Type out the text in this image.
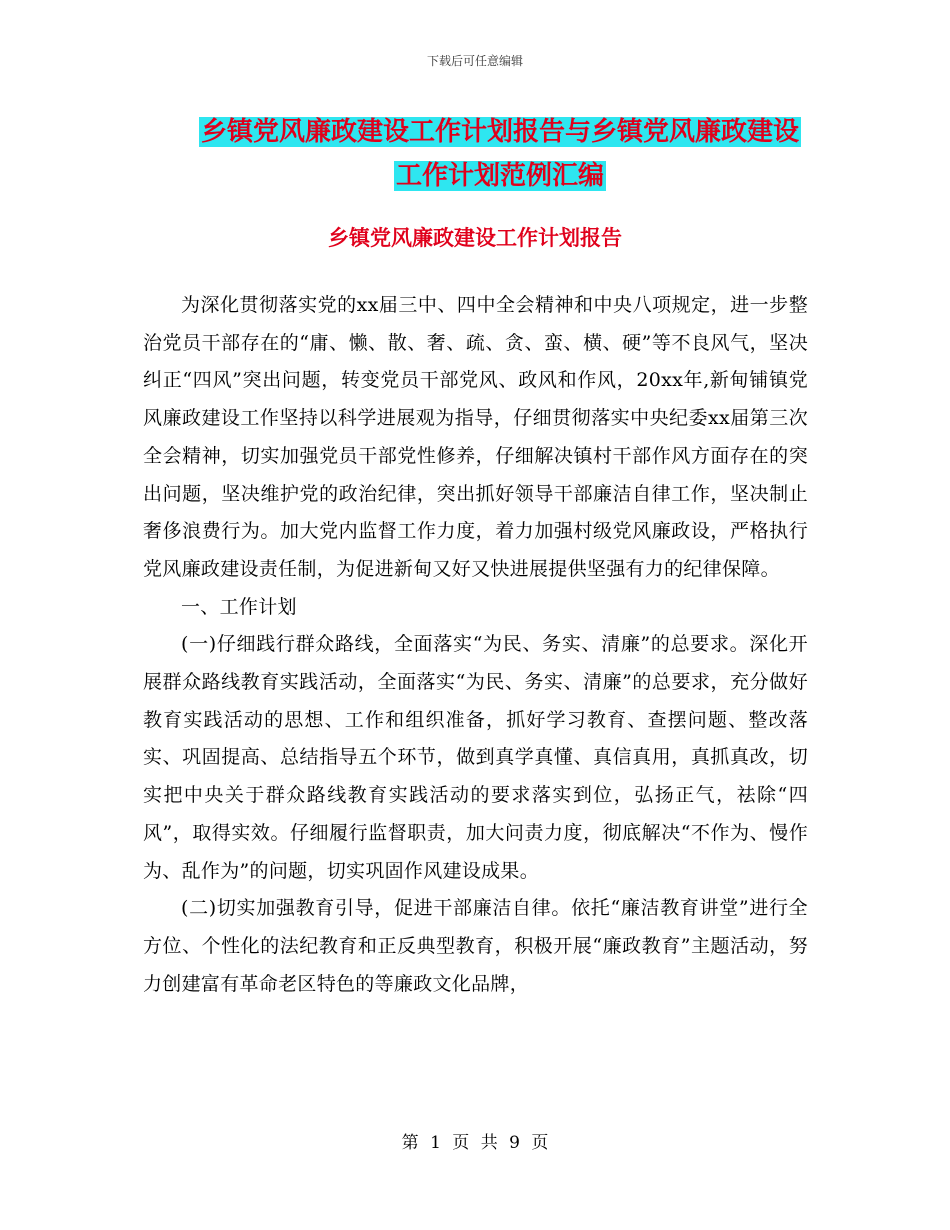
下载后可任意编辑
乡镇党风廉政建设工作计划报告与乡镇党风廉政建设
工作计划范例汇编
乡镇党风廉政建设工作计划报告

为深化贯彻落实党的xx届三中、四中全会精神和中央八项规定，进一步整治党员干部存在的“庸、懒、散、奢、疏、贪、蛮、横、硬”等不良风气，坚决纠正“四风”突出问题，转变党员干部党风、政风和作风，20xx年,新甸铺镇党风廉政建设工作坚持以科学进展观为指导，仔细贯彻落实中央纪委xx届第三次全会精神，切实加强党员干部党性修养，仔细解决镇村干部作风方面存在的突出问题，坚决维护党的政治纪律，突出抓好领导干部廉洁自律工作，坚决制止奢侈浪费行为。加大党内监督工作力度，着力加强村级党风廉政设，严格执行党风廉政建设责任制，为促进新甸又好又快进展提供坚强有力的纪律保障。

一、工作计划

(一)仔细践行群众路线，全面落实“为民、务实、清廉”的总要求。深化开展群众路线教育实践活动，全面落实“为民、务实、清廉”的总要求，充分做好教育实践活动的思想、工作和组织准备，抓好学习教育、查摆问题、整改落实、巩固提高、总结指导五个环节，做到真学真懂、真信真用，真抓真改，切实把中央关于群众路线教育实践活动的要求落实到位，弘扬正气，祛除“四风”，取得实效。仔细履行监督职责，加大问责力度，彻底解决“不作为、慢作为、乱作为”的问题，切实巩固作风建设成果。

(二)切实加强教育引导，促进干部廉洁自律。依托“廉洁教育讲堂”进行全方位、个性化的法纪教育和正反典型教育，积极开展“廉政教育”主题活动，努力创建富有革命老区特色的等廉政文化品牌，

第 1 页 共 9 页
